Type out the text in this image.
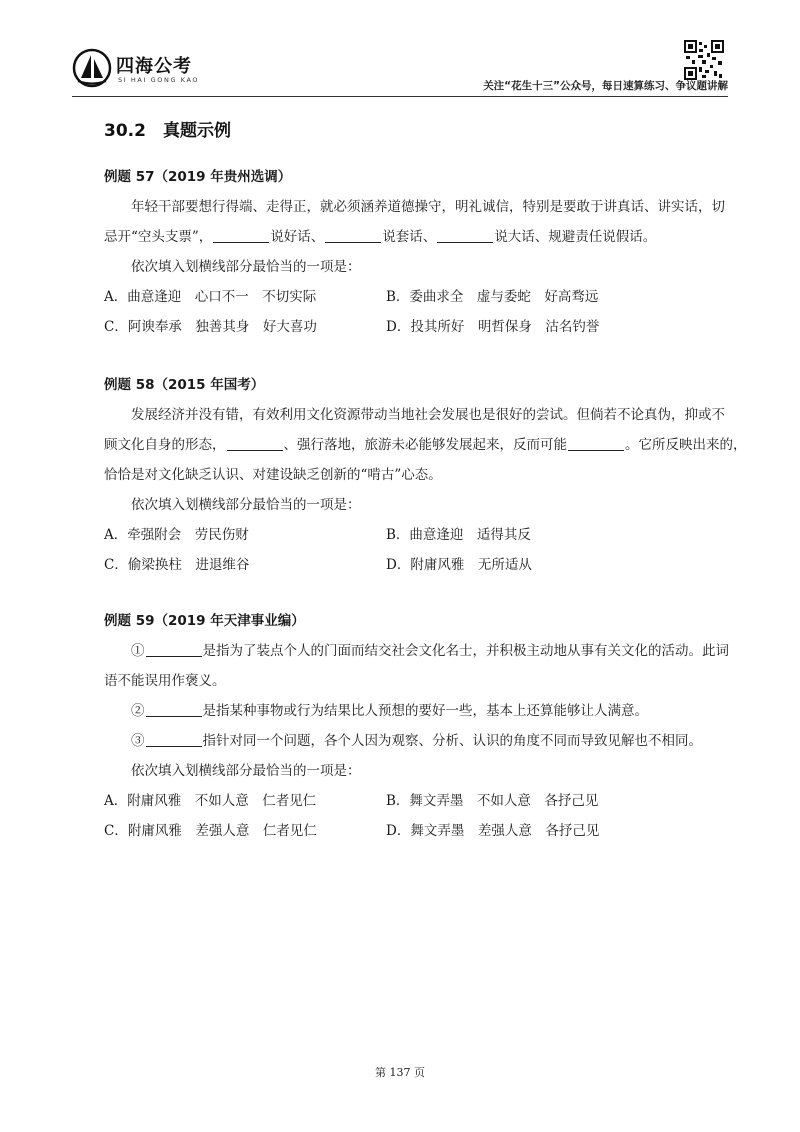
四海公考
SI HAI GONG KAO	关注“花生十三”公众号，每日速算练习、争议题讲解
30.2　真题示例
例题 57（2019 年贵州选调）
　　年轻干部要想行得端、走得正，就必须涵养道德操守，明礼诚信，特别是要敢于讲真话、讲实话，切
忌开“空头支票”，	说好话、	说套话、	说大话、规避责任说假话。
　　依次填入划横线部分最恰当的一项是：
A．曲意逢迎　心口不一　不切实际	B．委曲求全　虚与委蛇　好高骛远
C．阿谀奉承　独善其身　好大喜功	D．投其所好　明哲保身　沽名钓誉
例题 58（2015 年国考）
　　发展经济并没有错，有效利用文化资源带动当地社会发展也是很好的尝试。但倘若不论真伪，抑或不
顾文化自身的形态，	、强行落地，旅游未必能够发展起来，反而可能	。它所反映出来的，
恰恰是对文化缺乏认识、对建设缺乏创新的“啃古”心态。
　　依次填入划横线部分最恰当的一项是：
A．牵强附会　劳民伤财	B．曲意逢迎　适得其反
C．偷梁换柱　进退维谷	D．附庸风雅　无所适从
例题 59（2019 年天津事业编）
　　①	是指为了装点个人的门面而结交社会文化名士，并积极主动地从事有关文化的活动。此词
语不能误用作褒义。
　　②	是指某种事物或行为结果比人预想的要好一些，基本上还算能够让人满意。
　　③	指针对同一个问题，各个人因为观察、分析、认识的角度不同而导致见解也不相同。
　　依次填入划横线部分最恰当的一项是：
A．附庸风雅　不如人意　仁者见仁	B．舞文弄墨　不如人意　各抒己见
C．附庸风雅　差强人意　仁者见仁	D．舞文弄墨　差强人意　各抒己见
第 137 页
